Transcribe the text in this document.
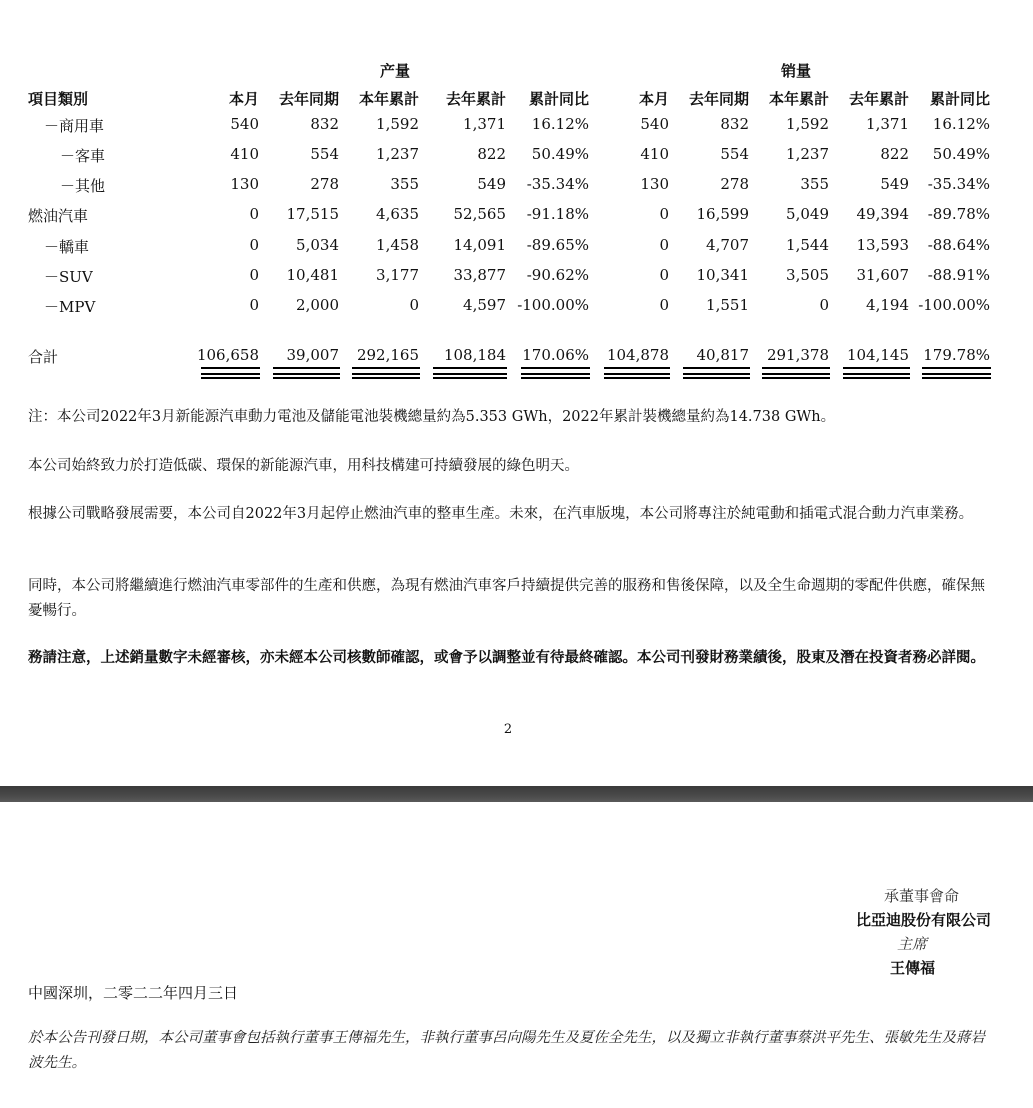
产量	销量
項目類別	本月	去年同期	本年累計	去年累計	累計同比	本月	去年同期	本年累計	去年累計	累計同比
－商用車	540	832	1,592	1,371	16.12%	540	832	1,592	1,371	16.12%
－客車	410	554	1,237	822	50.49%	410	554	1,237	822	50.49%
－其他	130	278	355	549	-35.34%	130	278	355	549	-35.34%
燃油汽車	0	17,515	4,635	52,565	-91.18%	0	16,599	5,049	49,394	-89.78%
－轎車	0	5,034	1,458	14,091	-89.65%	0	4,707	1,544	13,593	-88.64%
－SUV	0	10,481	3,177	33,877	-90.62%	0	10,341	3,505	31,607	-88.91%
－MPV	0	2,000	0	4,597 -100.00%	0	1,551	0	4,194 -100.00%
合計	106,658	39,007	292,165	108,184	170.06%	104,878	40,817	291,378	104,145 179.78%
注：本公司2022年3月新能源汽車動力電池及儲能電池裝機總量約為5.353 GWh，2022年累計裝機總量約為14.738 GWh。
本公司始終致力於打造低碳、環保的新能源汽車，用科技構建可持續發展的綠色明天。
根據公司戰略發展需要，本公司自2022年3月起停止燃油汽車的整車生產。未來，在汽車版塊，本公司將專注於純電動和插電式混合動力汽車業務。
同時，本公司將繼續進行燃油汽車零部件的生產和供應，為現有燃油汽車客戶持續提供完善的服務和售後保障，以及全生命週期的零配件供應，確保無憂暢行。
務請注意，上述銷量數字未經審核，亦未經本公司核數師確認，或會予以調整並有待最終確認。本公司刊發財務業績後，股東及潛在投資者務必詳閱。
2
承董事會命
比亞迪股份有限公司
主席
王傳福
中國深圳，二零二二年四月三日
於本公告刊發日期，本公司董事會包括執行董事王傳福先生，非執行董事呂向陽先生及夏佐全先生，以及獨立非執行董事蔡洪平先生、張敏先生及蔣岩波先生。
